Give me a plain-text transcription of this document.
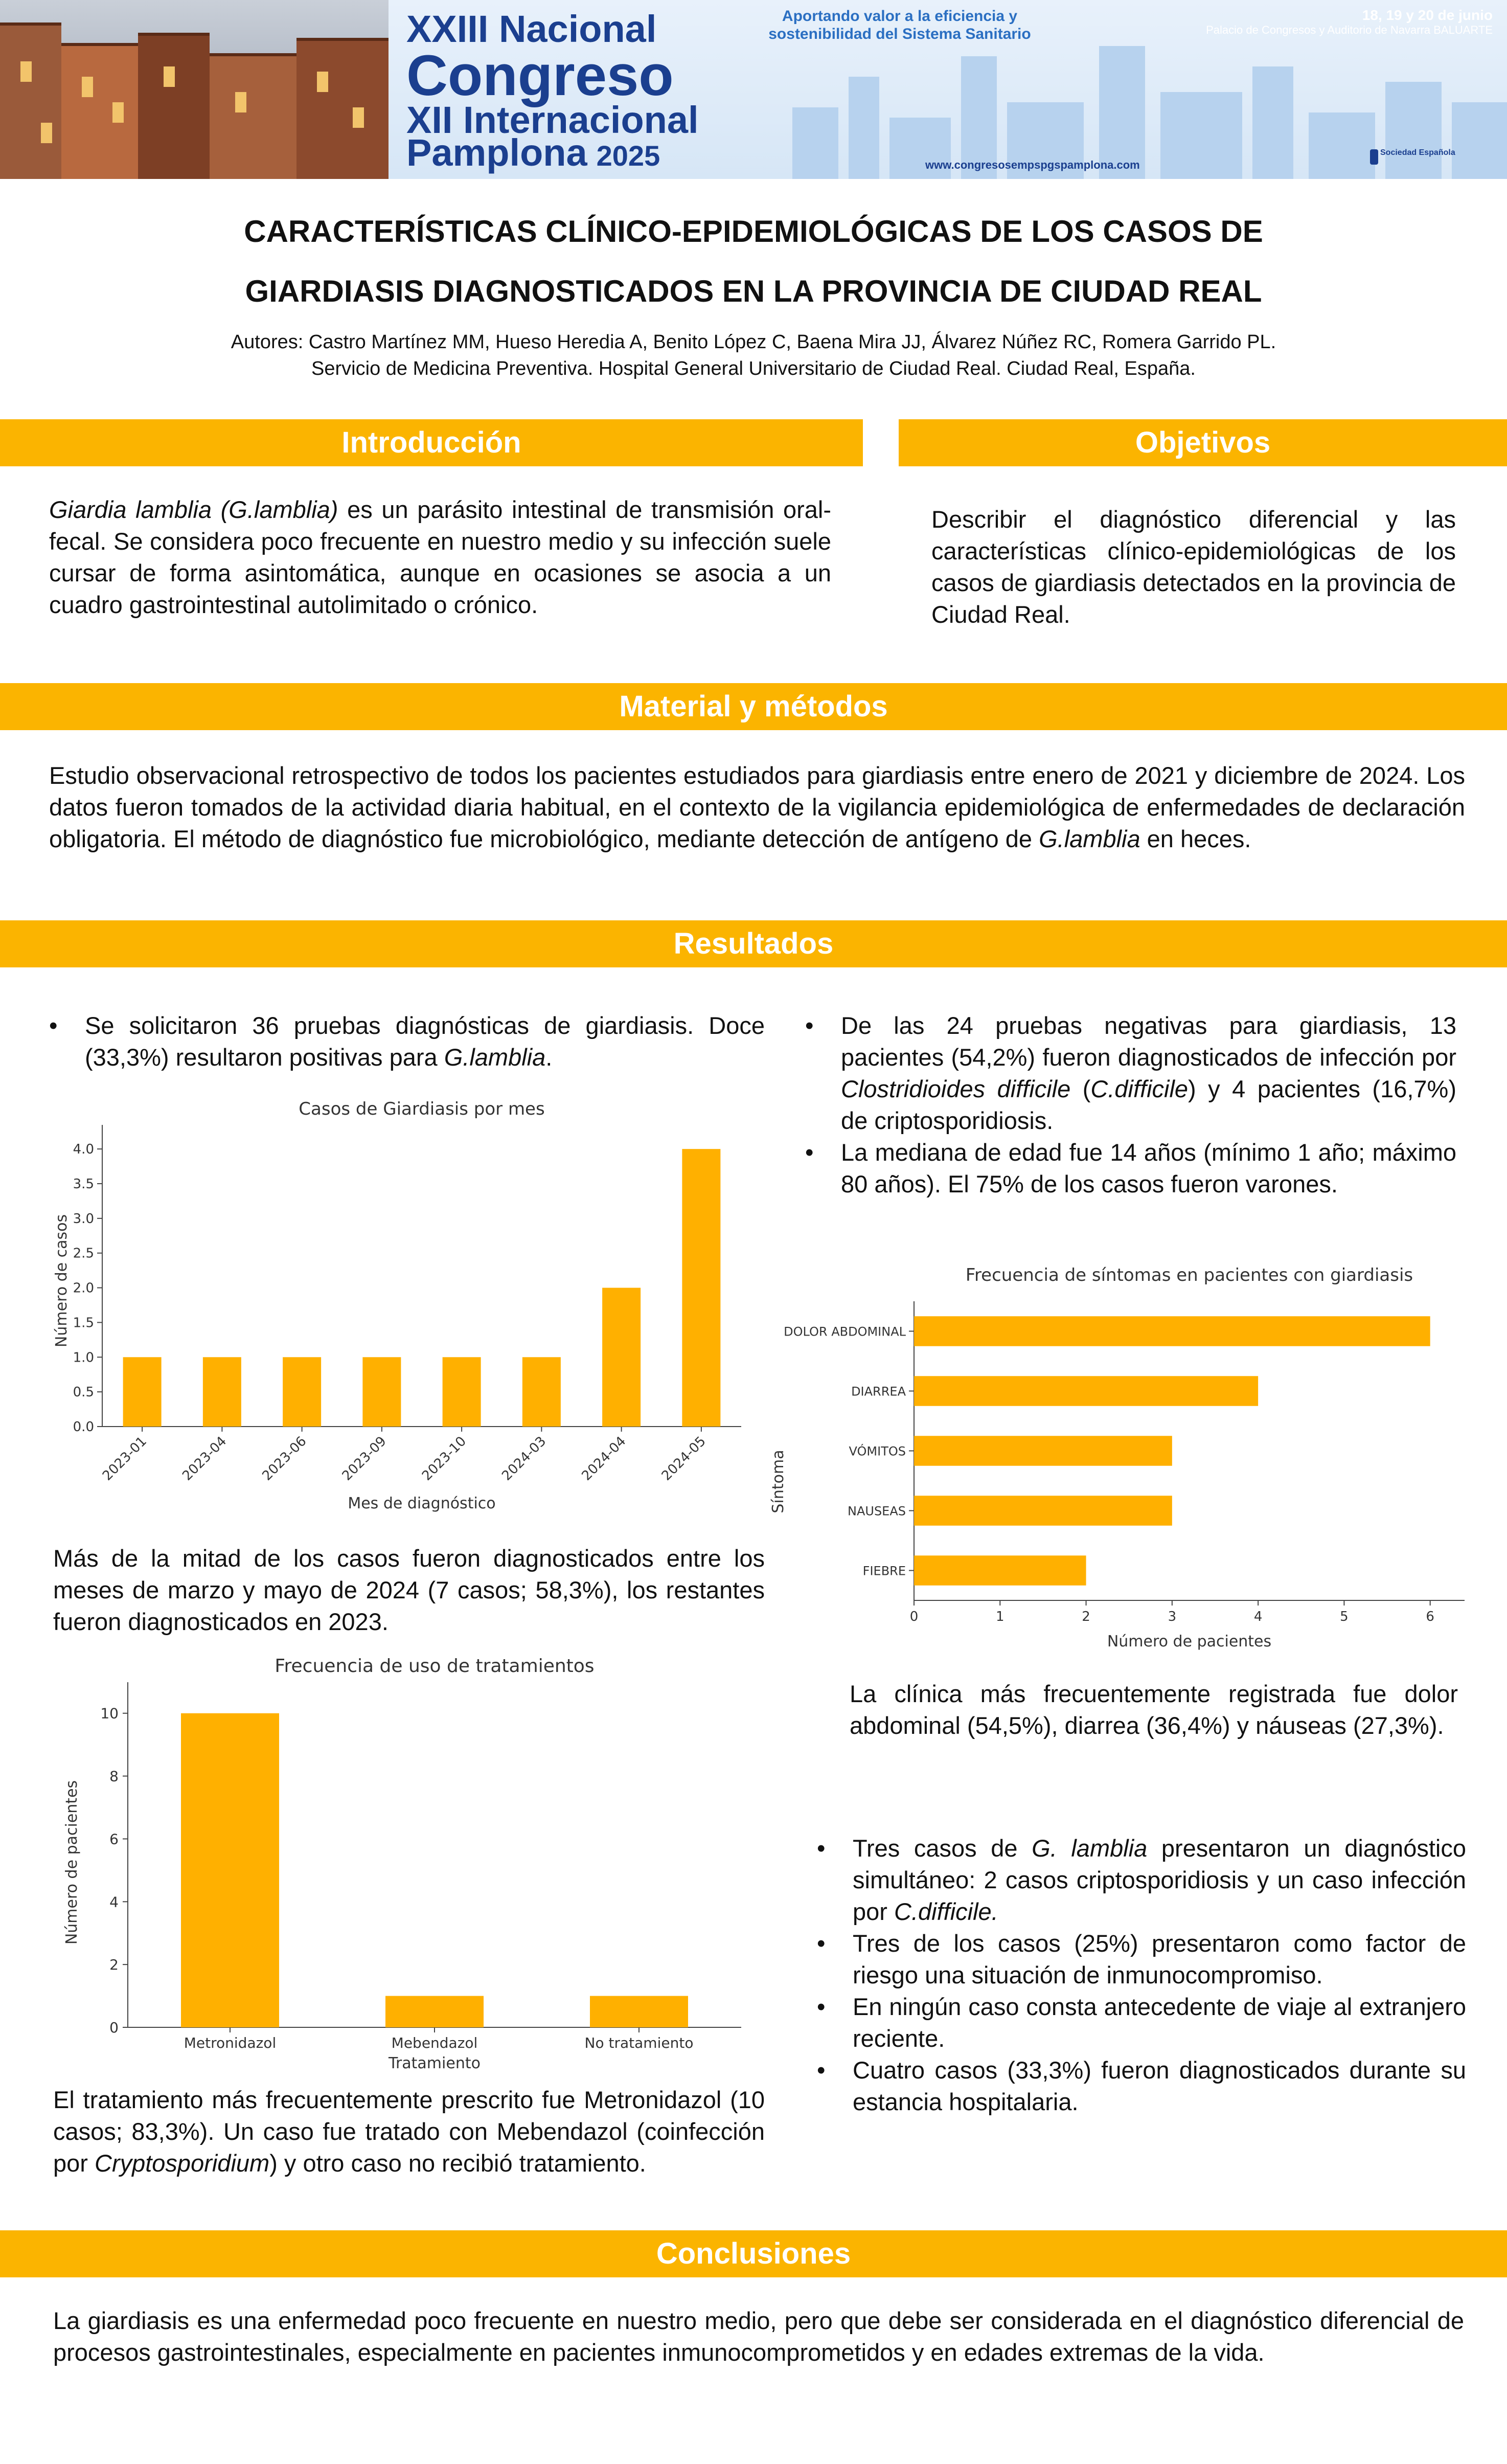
XXIII Nacional
Congreso
XII Internacional
Pamplona 2025
Aportando valor a la eficiencia y sostenibilidad del Sistema Sanitario
18, 19 y 20 de junio
Palacio de Congresos y Auditorio de Navarra BALUARTE
www.congresosempspgspamplona.com
Sociedad Española
CARACTERÍSTICAS CLÍNICO-EPIDEMIOLÓGICAS DE LOS CASOS DE
GIARDIASIS DIAGNOSTICADOS EN LA PROVINCIA DE CIUDAD REAL
Autores: Castro Martínez MM, Hueso Heredia A, Benito López C, Baena Mira JJ, Álvarez Núñez RC, Romera Garrido PL.
Servicio de Medicina Preventiva. Hospital General Universitario de Ciudad Real. Ciudad Real, España.
Introducción	Objetivos
Giardia lamblia (G.lamblia) es un parásito intestinal de transmisión oral-fecal. Se considera poco frecuente en nuestro medio y su infección suele cursar de forma asintomática, aunque en ocasiones se asocia a un cuadro gastrointestinal autolimitado o crónico.
Describir el diagnóstico diferencial y las características clínico-epidemiológicas de los casos de giardiasis detectados en la provincia de Ciudad Real.
Material y métodos
Estudio observacional retrospectivo de todos los pacientes estudiados para giardiasis entre enero de 2021 y diciembre de 2024. Los datos fueron tomados de la actividad diaria habitual, en el contexto de la vigilancia epidemiológica de enfermedades de declaración obligatoria. El método de diagnóstico fue microbiológico, mediante detección de antígeno de G.lamblia en heces.
Resultados
• Se solicitaron 36 pruebas diagnósticas de giardiasis. Doce (33,3%) resultaron positivas para G.lamblia.
• De las 24 pruebas negativas para giardiasis, 13 pacientes (54,2%) fueron diagnosticados de infección por Clostridioides difficile (C.difficile) y 4 pacientes (16,7%) de criptosporidiosis.
• La mediana de edad fue 14 años (mínimo 1 año; máximo 80 años). El 75% de los casos fueron varones.
Casos de Giardiasis por mes
0.0
0.5
1.0
1.5
2.0
2.5
3.0
3.5
4.0
2023-01 2023-04 2023-06 2023-09 2023-10 2024-03 2024-04 2024-05
Mes de diagnóstico
Número de casos
Más de la mitad de los casos fueron diagnosticados entre los meses de marzo y mayo de 2024 (7 casos; 58,3%), los restantes fueron diagnosticados en 2023.
Frecuencia de síntomas en pacientes con giardiasis
0	1	2	3	4	5	6
DOLOR ABDOMINAL
DIARREA
VÓMITOS
NAUSEAS
FIEBRE
Número de pacientes
Síntoma
La clínica más frecuentemente registrada fue dolor abdominal (54,5%), diarrea (36,4%) y náuseas (27,3%).
Frecuencia de uso de tratamientos
0
2
4
6
8
10
Metronidazol	Mebendazol	No tratamiento
Tratamiento
Número de pacientes
El tratamiento más frecuentemente prescrito fue Metronidazol (10 casos; 83,3%). Un caso fue tratado con Mebendazol (coinfección por Cryptosporidium) y otro caso no recibió tratamiento.
• Tres casos de G. lamblia presentaron un diagnóstico simultáneo: 2 casos criptosporidiosis y un caso infección por C.difficile.
• Tres de los casos (25%) presentaron como factor de riesgo una situación de inmunocompromiso.
• En ningún caso consta antecedente de viaje al extranjero reciente.
• Cuatro casos (33,3%) fueron diagnosticados durante su estancia hospitalaria.
Conclusiones
La giardiasis es una enfermedad poco frecuente en nuestro medio, pero que debe ser considerada en el diagnóstico diferencial de procesos gastrointestinales, especialmente en pacientes inmunocomprometidos y en edades extremas de la vida.
